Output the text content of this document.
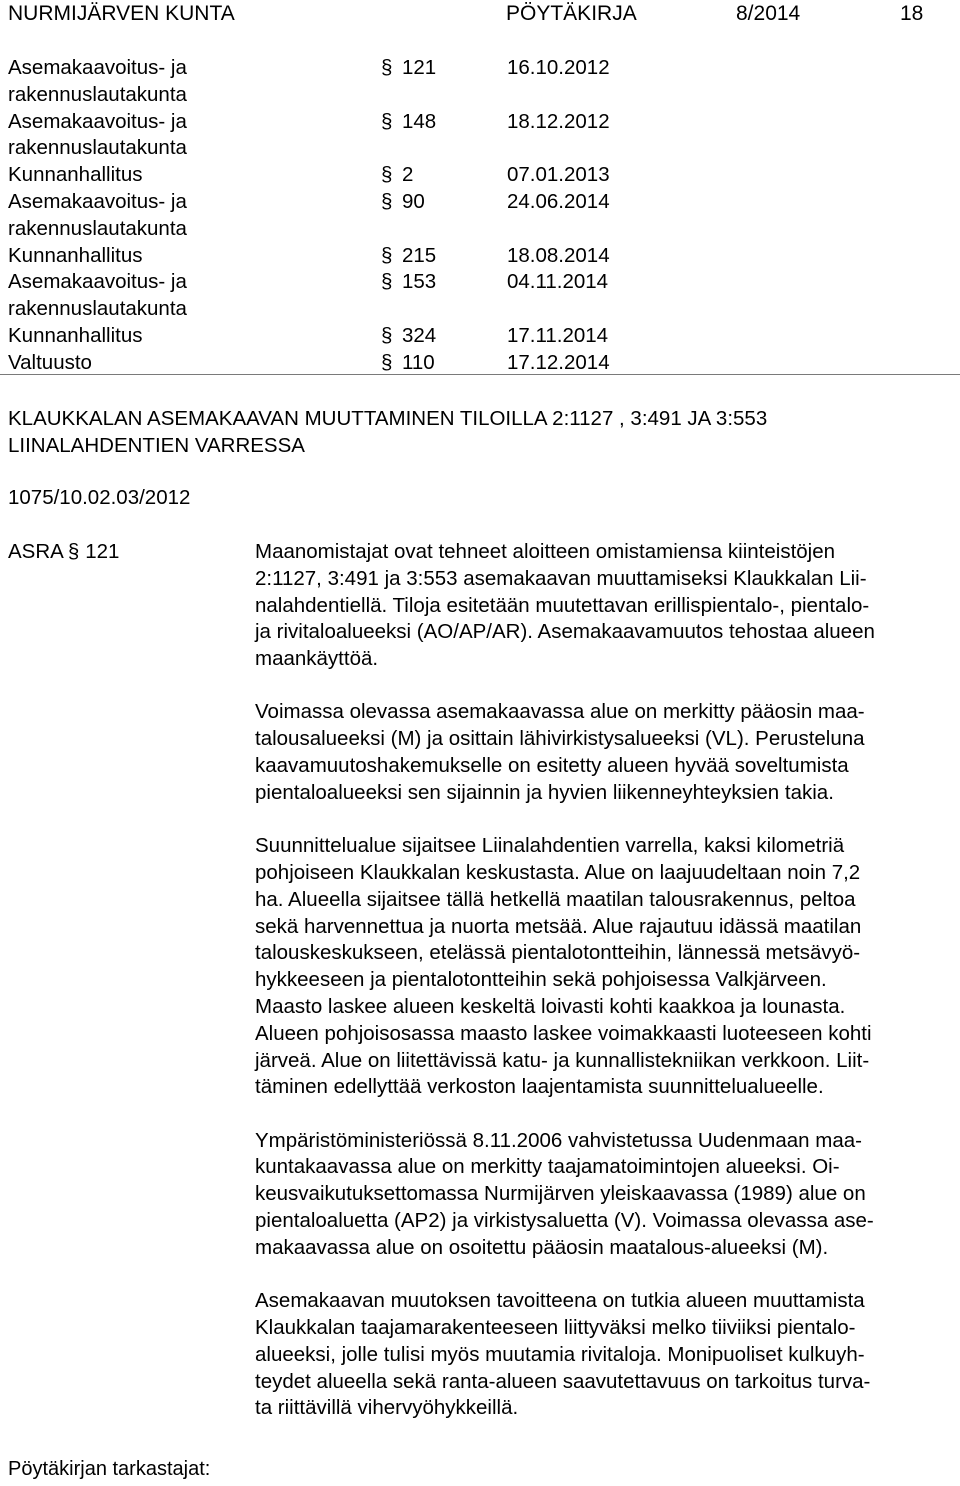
NURMIJÄRVEN KUNTA	PÖYTÄKIRJA	8/2014	18
Asemakaavoitus- ja
rakennuslautakunta
§ 121	16.10.2012
Asemakaavoitus- ja
rakennuslautakunta
§ 148	18.12.2012
Kunnanhallitus	§ 2	07.01.2013
Asemakaavoitus- ja
rakennuslautakunta
§ 90	24.06.2014
Kunnanhallitus	§ 215	18.08.2014
Asemakaavoitus- ja
rakennuslautakunta
§ 153	04.11.2014
Kunnanhallitus	§ 324	17.11.2014
Valtuusto	§ 110	17.12.2014
KLAUKKALAN ASEMAKAAVAN MUUTTAMINEN TILOILLA 2:1127 , 3:491 JA 3:553
LIINALAHDENTIEN VARRESSA
1075/10.02.03/2012
ASRA § 121	Maanomistajat ovat tehneet aloitteen omistamiensa kiinteistöjen
2:1127, 3:491 ja 3:553 asemakaavan muuttamiseksi Klaukkalan Lii-
nalahdentiellä. Tiloja esitetään muutettavan erillispientalo-, pientalo-
ja rivitaloalueeksi (AO/AP/AR). Asemakaavamuutos tehostaa alueen
maankäyttöä.
Voimassa olevassa asemakaavassa alue on merkitty pääosin maa-
talousalueeksi (M) ja osittain lähivirkistysalueeksi (VL). Perusteluna
kaavamuutoshakemukselle on esitetty alueen hyvää soveltumista
pientaloalueeksi sen sijainnin ja hyvien liikenneyhteyksien takia.
Suunnittelualue sijaitsee Liinalahdentien varrella, kaksi kilometriä
pohjoiseen Klaukkalan keskustasta. Alue on laajuudeltaan noin 7,2
ha. Alueella sijaitsee tällä hetkellä maatilan talousrakennus, peltoa
sekä harvennettua ja nuorta metsää. Alue rajautuu idässä maatilan
talouskeskukseen, etelässä pientalotontteihin, lännessä metsävyö-
hykkeeseen ja pientalotontteihin sekä pohjoisessa Valkjärveen.
Maasto laskee alueen keskeltä loivasti kohti kaakkoa ja lounasta.
Alueen pohjoisosassa maasto laskee voimakkaasti luoteeseen kohti
järveä. Alue on liitettävissä katu- ja kunnallistekniikan verkkoon. Liit-
täminen edellyttää verkoston laajentamista suunnittelualueelle.
Ympäristöministeriössä 8.11.2006 vahvistetussa Uudenmaan maa-
kuntakaavassa alue on merkitty taajamatoimintojen alueeksi. Oi-
keusvaikutuksettomassa Nurmijärven yleiskaavassa (1989) alue on
pientaloaluetta (AP2) ja virkistysaluetta (V). Voimassa olevassa ase-
makaavassa alue on osoitettu pääosin maatalous-alueeksi (M).
Asemakaavan muutoksen tavoitteena on tutkia alueen muuttamista
Klaukkalan taajamarakenteeseen liittyväksi melko tiiviiksi pientalo-
alueeksi, jolle tulisi myös muutamia rivitaloja. Monipuoliset kulkuyh-
teydet alueella sekä ranta-alueen saavutettavuus on tarkoitus turva-
ta riittävillä vihervyöhykkeillä.
Pöytäkirjan tarkastajat:
